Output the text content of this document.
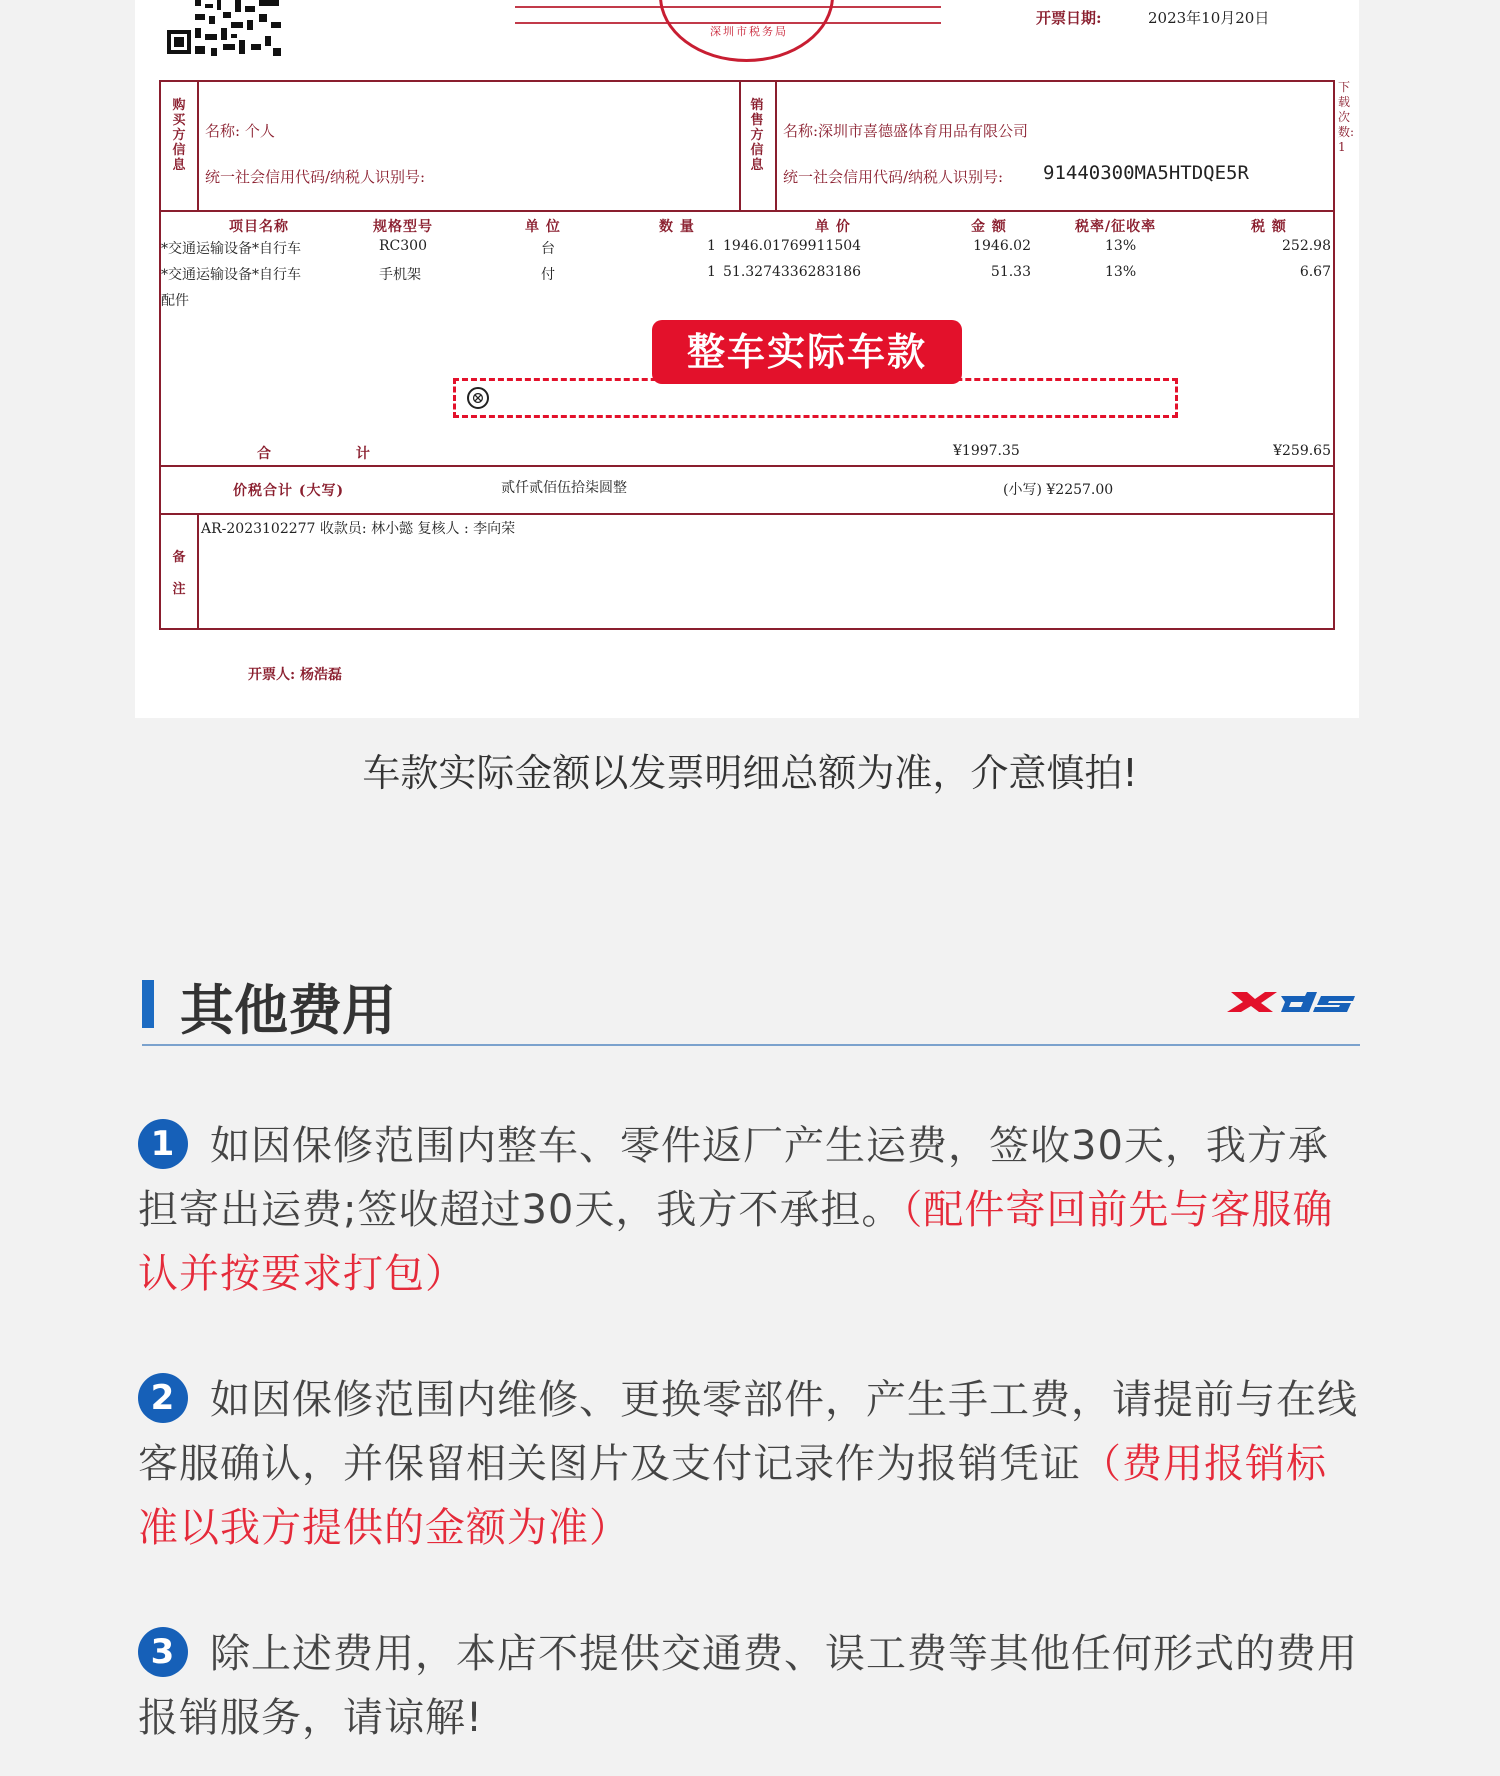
深圳市税务局
开票日期:	2023年10月20日
下载次数: 1
购买方信息
名称: 个人
统一社会信用代码/纳税人识别号:
销售方信息
名称:深圳市喜德盛体育用品有限公司
统一社会信用代码/纳税人识别号: 91440300MA5HTDQE5R
项目名称	规格型号	单 位	数 量	单 价	金 额	税率/征收率	税 额
*交通运输设备*自行车	RC300	台	1 1946.01769911504	1946.02	13%	252.98
*交通运输设备*自行车	手机架	付	1 51.3274336283186	51.33	13%	6.67
配件
合 计	¥1997.35	¥259.65
价税合计 (大写)	贰仟贰佰伍拾柒圆整	(小写) ¥2257.00
备注
AR-2023102277 收款员: 林小懿 复核人 : 李向荣
⊗
整车实际车款
开票人: 杨浩磊
车款实际金额以发票明细总额为准，介意慎拍!
其他费用
1 如因保修范围内整车、零件返厂产生运费，签收30天，我方承担寄出运费;签收超过30天，我方不承担。（配件寄回前先与客服确认并按要求打包）
2 如因保修范围内维修、更换零部件，产生手工费，请提前与在线客服确认，并保留相关图片及支付记录作为报销凭证（费用报销标准以我方提供的金额为准）
3 除上述费用，本店不提供交通费、误工费等其他任何形式的费用报销服务，请谅解!
